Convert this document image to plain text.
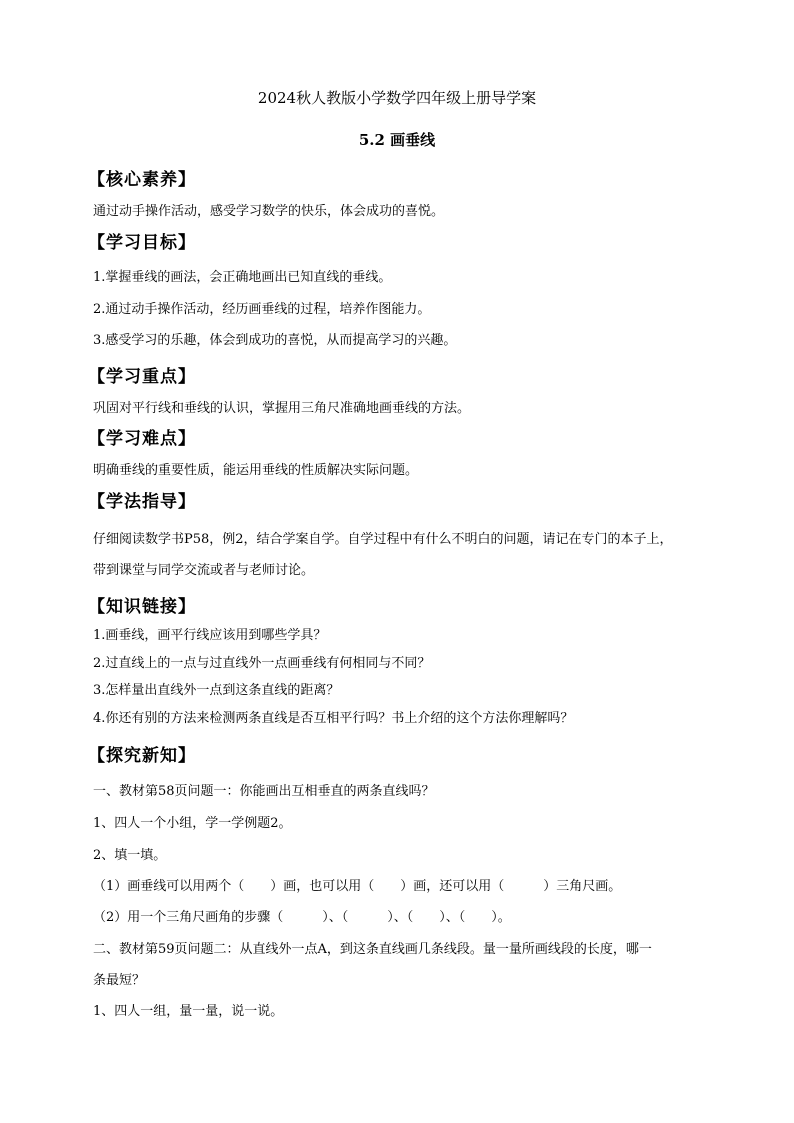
2024秋人教版小学数学四年级上册导学案
5.2 画垂线
【核心素养】
通过动手操作活动，感受学习数学的快乐，体会成功的喜悦。
【学习目标】
1.掌握垂线的画法，会正确地画出已知直线的垂线。
2.通过动手操作活动，经历画垂线的过程，培养作图能力。
3.感受学习的乐趣，体会到成功的喜悦，从而提高学习的兴趣。
【学习重点】
巩固对平行线和垂线的认识，掌握用三角尺准确地画垂线的方法。
【学习难点】
明确垂线的重要性质，能运用垂线的性质解决实际问题。
【学法指导】
仔细阅读数学书P58，例2，结合学案自学。自学过程中有什么不明白的问题，请记在专门的本子上，
带到课堂与同学交流或者与老师讨论。
【知识链接】
1.画垂线，画平行线应该用到哪些学具？
2.过直线上的一点与过直线外一点画垂线有何相同与不同？
3.怎样量出直线外一点到这条直线的距离？
4.你还有别的方法来检测两条直线是否互相平行吗？书上介绍的这个方法你理解吗？
【探究新知】
一、教材第58页问题一：你能画出互相垂直的两条直线吗？
1、四人一个小组，学一学例题2。
2、填一填。
（1）画垂线可以用两个（　　）画，也可以用（　　）画，还可以用（　　　）三角尺画。
（2）用一个三角尺画角的步骤（　　　）、（　　　）、（　　）、（　　）。
二、教材第59页问题二：从直线外一点A，到这条直线画几条线段。量一量所画线段的长度，哪一
条最短？
1、四人一组，量一量，说一说。
